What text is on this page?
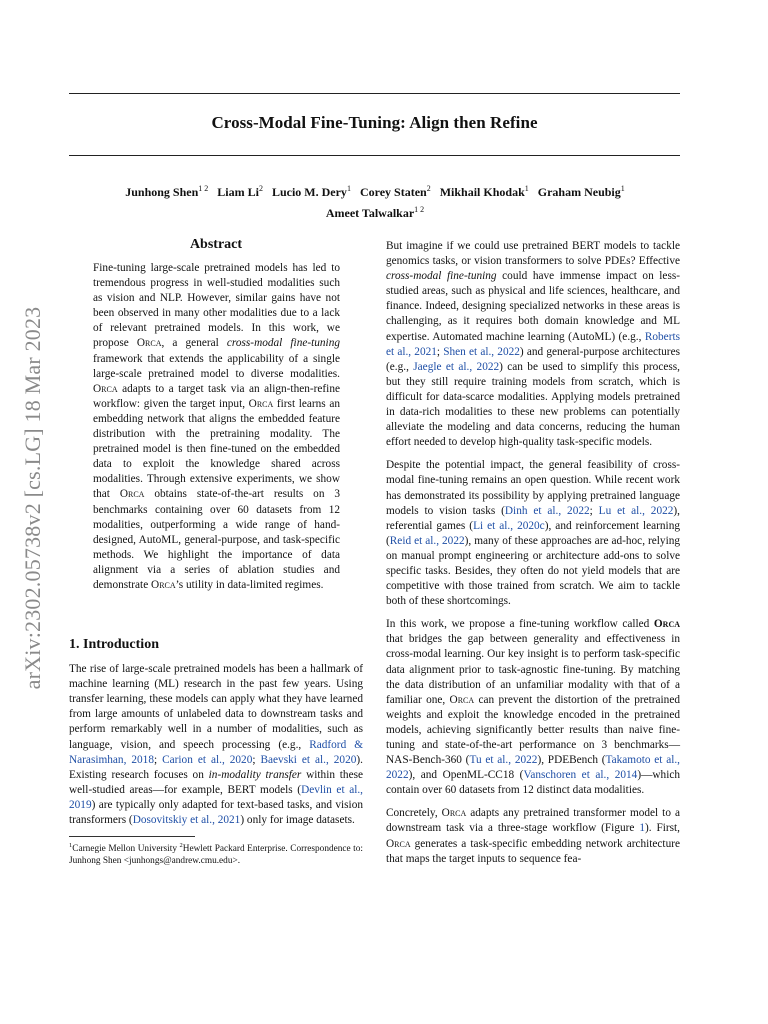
Cross-Modal Fine-Tuning: Align then Refine
Junhong Shen$^{1 2}$ Liam Li$^2$ Lucio M. Dery$^1$ Corey Staten$^2$ Mikhail Khodak$^1$ Graham Neubig$^1$
Ameet Talwalkar$^{1 2}$
arXiv:2302.05738v2 [cs.LG] 18 Mar 2023
Abstract

Fine-tuning large-scale pretrained models has led to tremendous progress in well-studied modalities such as vision and NLP. However, similar gains have not been observed in many other modalities due to a lack of relevant pretrained models. In this work, we propose Orca, a general cross-modal fine-tuning framework that extends the applicability of a single large-scale pretrained model to diverse modalities. Orca adapts to a target task via an align-then-refine workflow: given the target input, Orca first learns an embedding network that aligns the embedded feature distribution with the pretraining modality. The pretrained model is then fine-tuned on the embedded data to exploit the knowledge shared across modalities. Through extensive experiments, we show that Orca obtains state-of-the-art results on 3 benchmarks containing over 60 datasets from 12 modalities, outperforming a wide range of hand-designed, AutoML, general-purpose, and task-specific methods. We highlight the importance of data alignment via a series of ablation studies and demonstrate Orca’s utility in data-limited regimes.

1. Introduction

The rise of large-scale pretrained models has been a hallmark of machine learning (ML) research in the past few years. Using transfer learning, these models can apply what they have learned from large amounts of unlabeled data to downstream tasks and perform remarkably well in a number of modalities, such as language, vision, and speech processing (e.g., Radford & Narasimhan, 2018; Carion et al., 2020; Baevski et al., 2020). Existing research focuses on in-modality transfer within these well-studied areas—for example, BERT models (Devlin et al., 2019) are typically only adapted for text-based tasks, and vision transformers (Dosovitskiy et al., 2021) only for image datasets.

$^1$Carnegie Mellon University $^2$Hewlett Packard Enterprise. Correspondence to: Junhong Shen <junhongs@andrew.cmu.edu>.

But imagine if we could use pretrained BERT models to tackle genomics tasks, or vision transformers to solve PDEs? Effective cross-modal fine-tuning could have immense impact on less-studied areas, such as physical and life sciences, healthcare, and finance. Indeed, designing specialized networks in these areas is challenging, as it requires both domain knowledge and ML expertise. Automated machine learning (AutoML) (e.g., Roberts et al., 2021; Shen et al., 2022) and general-purpose architectures (e.g., Jaegle et al., 2022) can be used to simplify this process, but they still require training models from scratch, which is difficult for data-scarce modalities. Applying models pretrained in data-rich modalities to these new problems can potentially alleviate the modeling and data concerns, reducing the human effort needed to develop high-quality task-specific models.

Despite the potential impact, the general feasibility of cross-modal fine-tuning remains an open question. While recent work has demonstrated its possibility by applying pretrained language models to vision tasks (Dinh et al., 2022; Lu et al., 2022), referential games (Li et al., 2020c), and reinforcement learning (Reid et al., 2022), many of these approaches are ad-hoc, relying on manual prompt engineering or architecture add-ons to solve specific tasks. Besides, they often do not yield models that are competitive with those trained from scratch. We aim to tackle both of these shortcomings.

In this work, we propose a fine-tuning workflow called Orca that bridges the gap between generality and effectiveness in cross-modal learning. Our key insight is to perform task-specific data alignment prior to task-agnostic fine-tuning. By matching the data distribution of an unfamiliar modality with that of a familiar one, Orca can prevent the distortion of the pretrained weights and exploit the knowledge encoded in the pretrained models, achieving significantly better results than naive fine-tuning and state-of-the-art performance on 3 benchmarks—NAS-Bench-360 (Tu et al., 2022), PDEBench (Takamoto et al., 2022), and OpenML-CC18 (Vanschoren et al., 2014)—which contain over 60 datasets from 12 distinct data modalities.

Concretely, Orca adapts any pretrained transformer model to a downstream task via a three-stage workflow (Figure 1). First, Orca generates a task-specific embedding network architecture that maps the target inputs to sequence fea-
